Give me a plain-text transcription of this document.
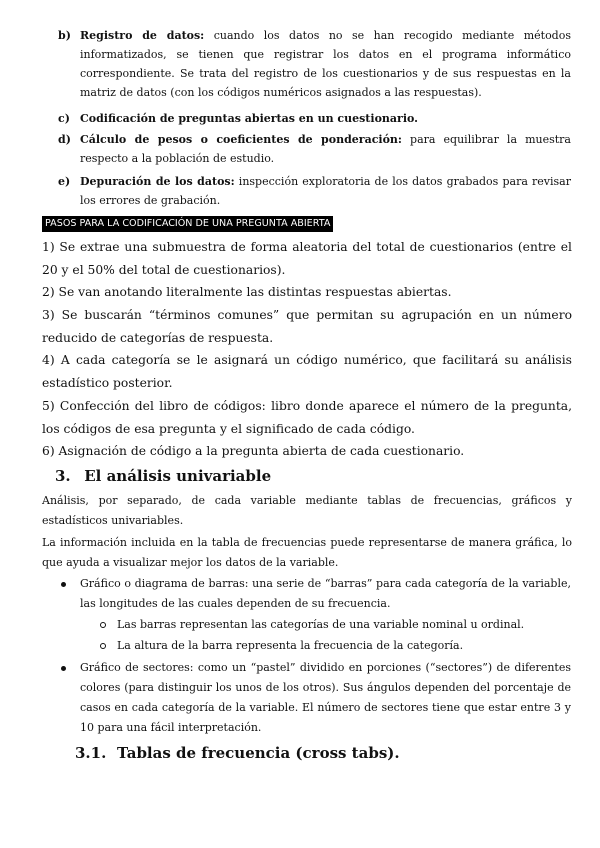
b) Registro de datos: cuando los datos no se han recogido mediante métodos informatizados, se tienen que registrar los datos en el programa informático correspondiente. Se trata del registro de los cuestionarios y de sus respuestas en la matriz de datos (con los códigos numéricos asignados a las respuestas).
c) Codificación de preguntas abiertas en un cuestionario.
d) Cálculo de pesos o coeficientes de ponderación: para equilibrar la muestra respecto a la población de estudio.
e) Depuración de los datos: inspección exploratoria de los datos grabados para revisar los errores de grabación.
PASOS PARA LA CODIFICACIÓN DE UNA PREGUNTA ABIERTA
1) Se extrae una submuestra de forma aleatoria del total de cuestionarios (entre el 20 y el 50% del total de cuestionarios).
2) Se van anotando literalmente las distintas respuestas abiertas.
3) Se buscarán “términos comunes” que permitan su agrupación en un número reducido de categorías de respuesta.
4) A cada categoría se le asignará un código numérico, que facilitará su análisis estadístico posterior.
5) Confección del libro de códigos: libro donde aparece el número de la pregunta, los códigos de esa pregunta y el significado de cada código.
6) Asignación de código a la pregunta abierta de cada cuestionario.
3. El análisis univariable
Análisis, por separado, de cada variable mediante tablas de frecuencias, gráficos y estadísticos univariables.
La información incluida en la tabla de frecuencias puede representarse de manera gráfica, lo que ayuda a visualizar mejor los datos de la variable.
Gráfico o diagrama de barras: una serie de “barras” para cada categoría de la variable, las longitudes de las cuales dependen de su frecuencia.
Las barras representan las categorías de una variable nominal u ordinal.
La altura de la barra representa la frecuencia de la categoría.
Gráfico de sectores: como un “pastel” dividido en porciones (“sectores”) de diferentes colores (para distinguir los unos de los otros). Sus ángulos dependen del porcentaje de casos en cada categoría de la variable. El número de sectores tiene que estar entre 3 y 10 para una fácil interpretación.
3.1. Tablas de frecuencia (cross tabs).
